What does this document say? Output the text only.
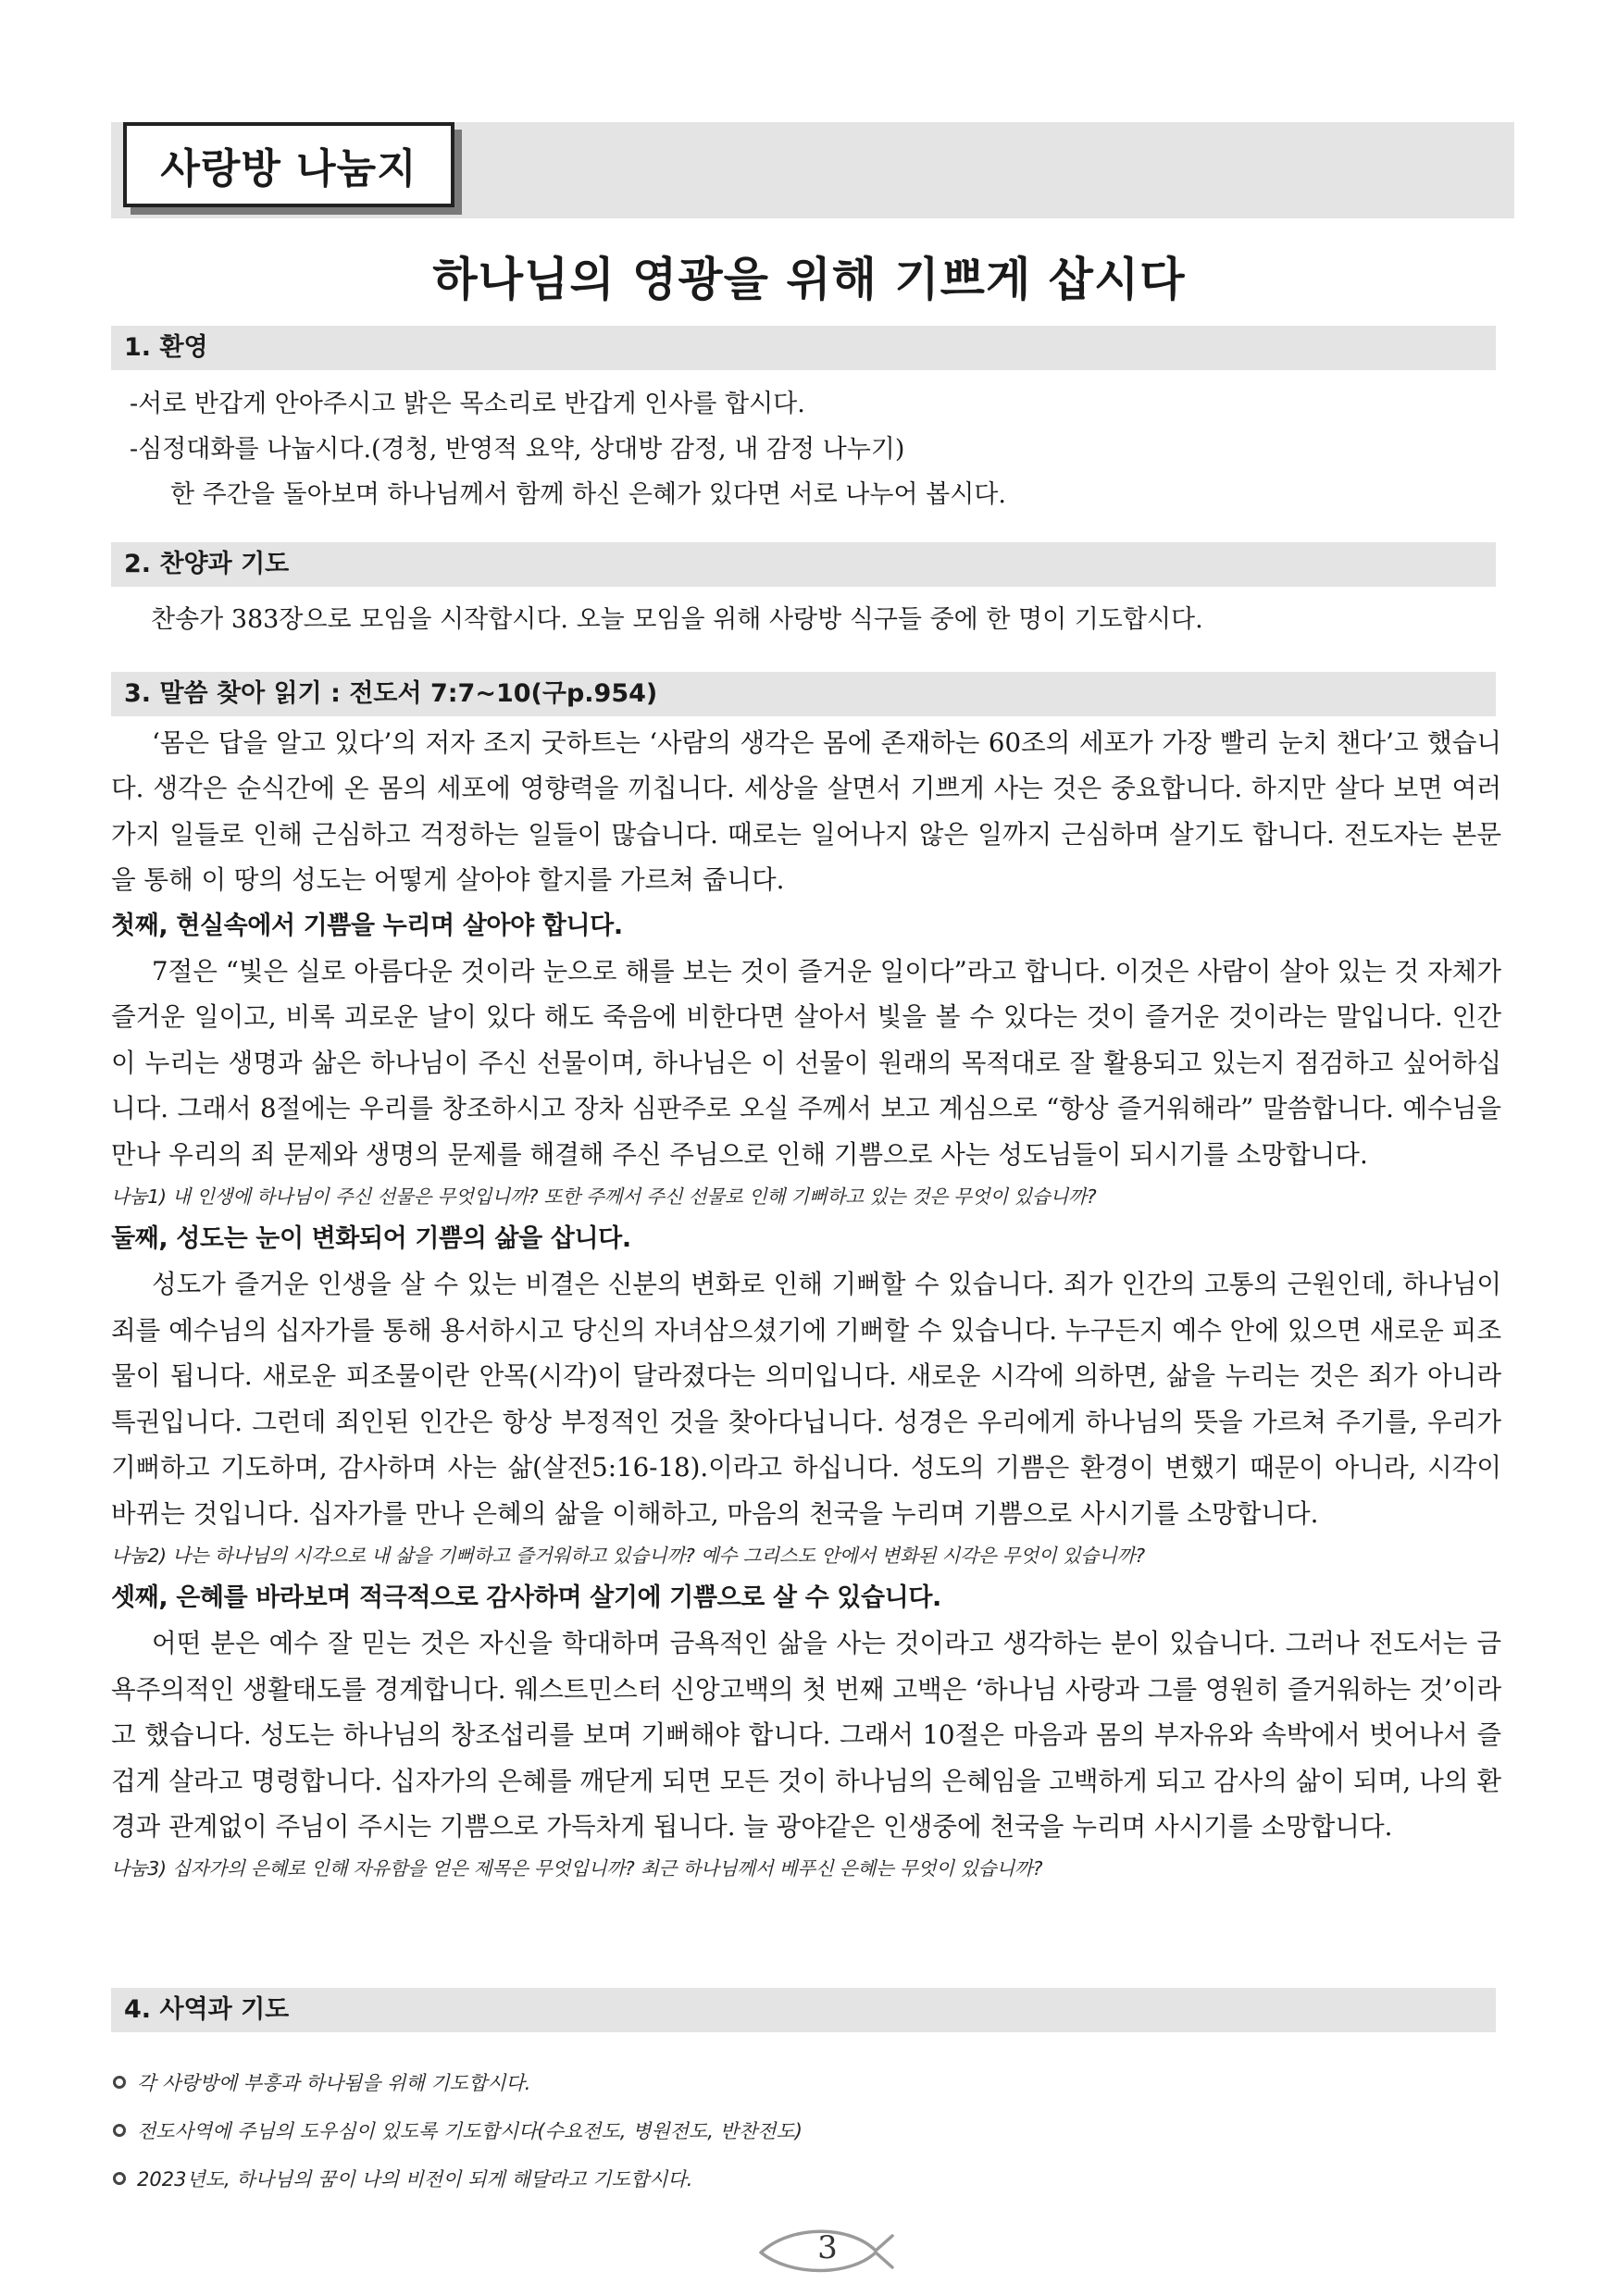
사랑방 나눔지
하나님의 영광을 위해 기쁘게 삽시다
1. 환영
-서로 반갑게 안아주시고 밝은 목소리로 반갑게 인사를 합시다.
-심정대화를 나눕시다.(경청, 반영적 요약, 상대방 감정, 내 감정 나누기)
한 주간을 돌아보며 하나님께서 함께 하신 은혜가 있다면 서로 나누어 봅시다.
2. 찬양과 기도
찬송가 383장으로 모임을 시작합시다. 오늘 모임을 위해 사랑방 식구들 중에 한 명이 기도합시다.
3. 말씀 찾아 읽기 : 전도서 7:7~10(구p.954)

‘몸은 답을 알고 있다’의 저자 조지 굿하트는 ‘사람의 생각은 몸에 존재하는 60조의 세포가 가장 빨리 눈치 챈다’고 했습니다. 생각은 순식간에 온 몸의 세포에 영향력을 끼칩니다. 세상을 살면서 기쁘게 사는 것은 중요합니다. 하지만 살다 보면 여러 가지 일들로 인해 근심하고 걱정하는 일들이 많습니다. 때로는 일어나지 않은 일까지 근심하며 살기도 합니다. 전도자는 본문을 통해 이 땅의 성도는 어떻게 살아야 할지를 가르쳐 줍니다.

첫째, 현실속에서 기쁨을 누리며 살아야 합니다.

7절은 “빛은 실로 아름다운 것이라 눈으로 해를 보는 것이 즐거운 일이다”라고 합니다. 이것은 사람이 살아 있는 것 자체가 즐거운 일이고, 비록 괴로운 날이 있다 해도 죽음에 비한다면 살아서 빛을 볼 수 있다는 것이 즐거운 것이라는 말입니다. 인간이 누리는 생명과 삶은 하나님이 주신 선물이며, 하나님은 이 선물이 원래의 목적대로 잘 활용되고 있는지 점검하고 싶어하십니다. 그래서 8절에는 우리를 창조하시고 장차 심판주로 오실 주께서 보고 계심으로 “항상 즐거워해라” 말씀합니다. 예수님을 만나 우리의 죄 문제와 생명의 문제를 해결해 주신 주님으로 인해 기쁨으로 사는 성도님들이 되시기를 소망합니다.

나눔1) 내 인생에 하나님이 주신 선물은 무엇입니까? 또한 주께서 주신 선물로 인해 기뻐하고 있는 것은 무엇이 있습니까?

둘째, 성도는 눈이 변화되어 기쁨의 삶을 삽니다.

성도가 즐거운 인생을 살 수 있는 비결은 신분의 변화로 인해 기뻐할 수 있습니다. 죄가 인간의 고통의 근원인데, 하나님이 죄를 예수님의 십자가를 통해 용서하시고 당신의 자녀삼으셨기에 기뻐할 수 있습니다. 누구든지 예수 안에 있으면 새로운 피조물이 됩니다. 새로운 피조물이란 안목(시각)이 달라졌다는 의미입니다. 새로운 시각에 의하면, 삶을 누리는 것은 죄가 아니라 특권입니다. 그런데 죄인된 인간은 항상 부정적인 것을 찾아다닙니다. 성경은 우리에게 하나님의 뜻을 가르쳐 주기를, 우리가 기뻐하고 기도하며, 감사하며 사는 삶(살전5:16-18).이라고 하십니다. 성도의 기쁨은 환경이 변했기 때문이 아니라, 시각이 바뀌는 것입니다. 십자가를 만나 은혜의 삶을 이해하고, 마음의 천국을 누리며 기쁨으로 사시기를 소망합니다.

나눔2) 나는 하나님의 시각으로 내 삶을 기뻐하고 즐거워하고 있습니까? 예수 그리스도 안에서 변화된 시각은 무엇이 있습니까?

셋째, 은혜를 바라보며 적극적으로 감사하며 살기에 기쁨으로 살 수 있습니다.

어떤 분은 예수 잘 믿는 것은 자신을 학대하며 금욕적인 삶을 사는 것이라고 생각하는 분이 있습니다. 그러나 전도서는 금욕주의적인 생활태도를 경계합니다. 웨스트민스터 신앙고백의 첫 번째 고백은 ‘하나님 사랑과 그를 영원히 즐거워하는 것’이라고 했습니다. 성도는 하나님의 창조섭리를 보며 기뻐해야 합니다. 그래서 10절은 마음과 몸의 부자유와 속박에서 벗어나서 즐겁게 살라고 명령합니다. 십자가의 은혜를 깨닫게 되면 모든 것이 하나님의 은혜임을 고백하게 되고 감사의 삶이 되며, 나의 환경과 관계없이 주님이 주시는 기쁨으로 가득차게 됩니다. 늘 광야같은 인생중에 천국을 누리며 사시기를 소망합니다.

나눔3) 십자가의 은혜로 인해 자유함을 얻은 제목은 무엇입니까? 최근 하나님께서 베푸신 은혜는 무엇이 있습니까?

4. 사역과 기도
각 사랑방에 부흥과 하나됨을 위해 기도합시다.
전도사역에 주님의 도우심이 있도록 기도합시다(수요전도, 병원전도, 반찬전도)
2023년도, 하나님의 꿈이 나의 비전이 되게 해달라고 기도합시다.
3
